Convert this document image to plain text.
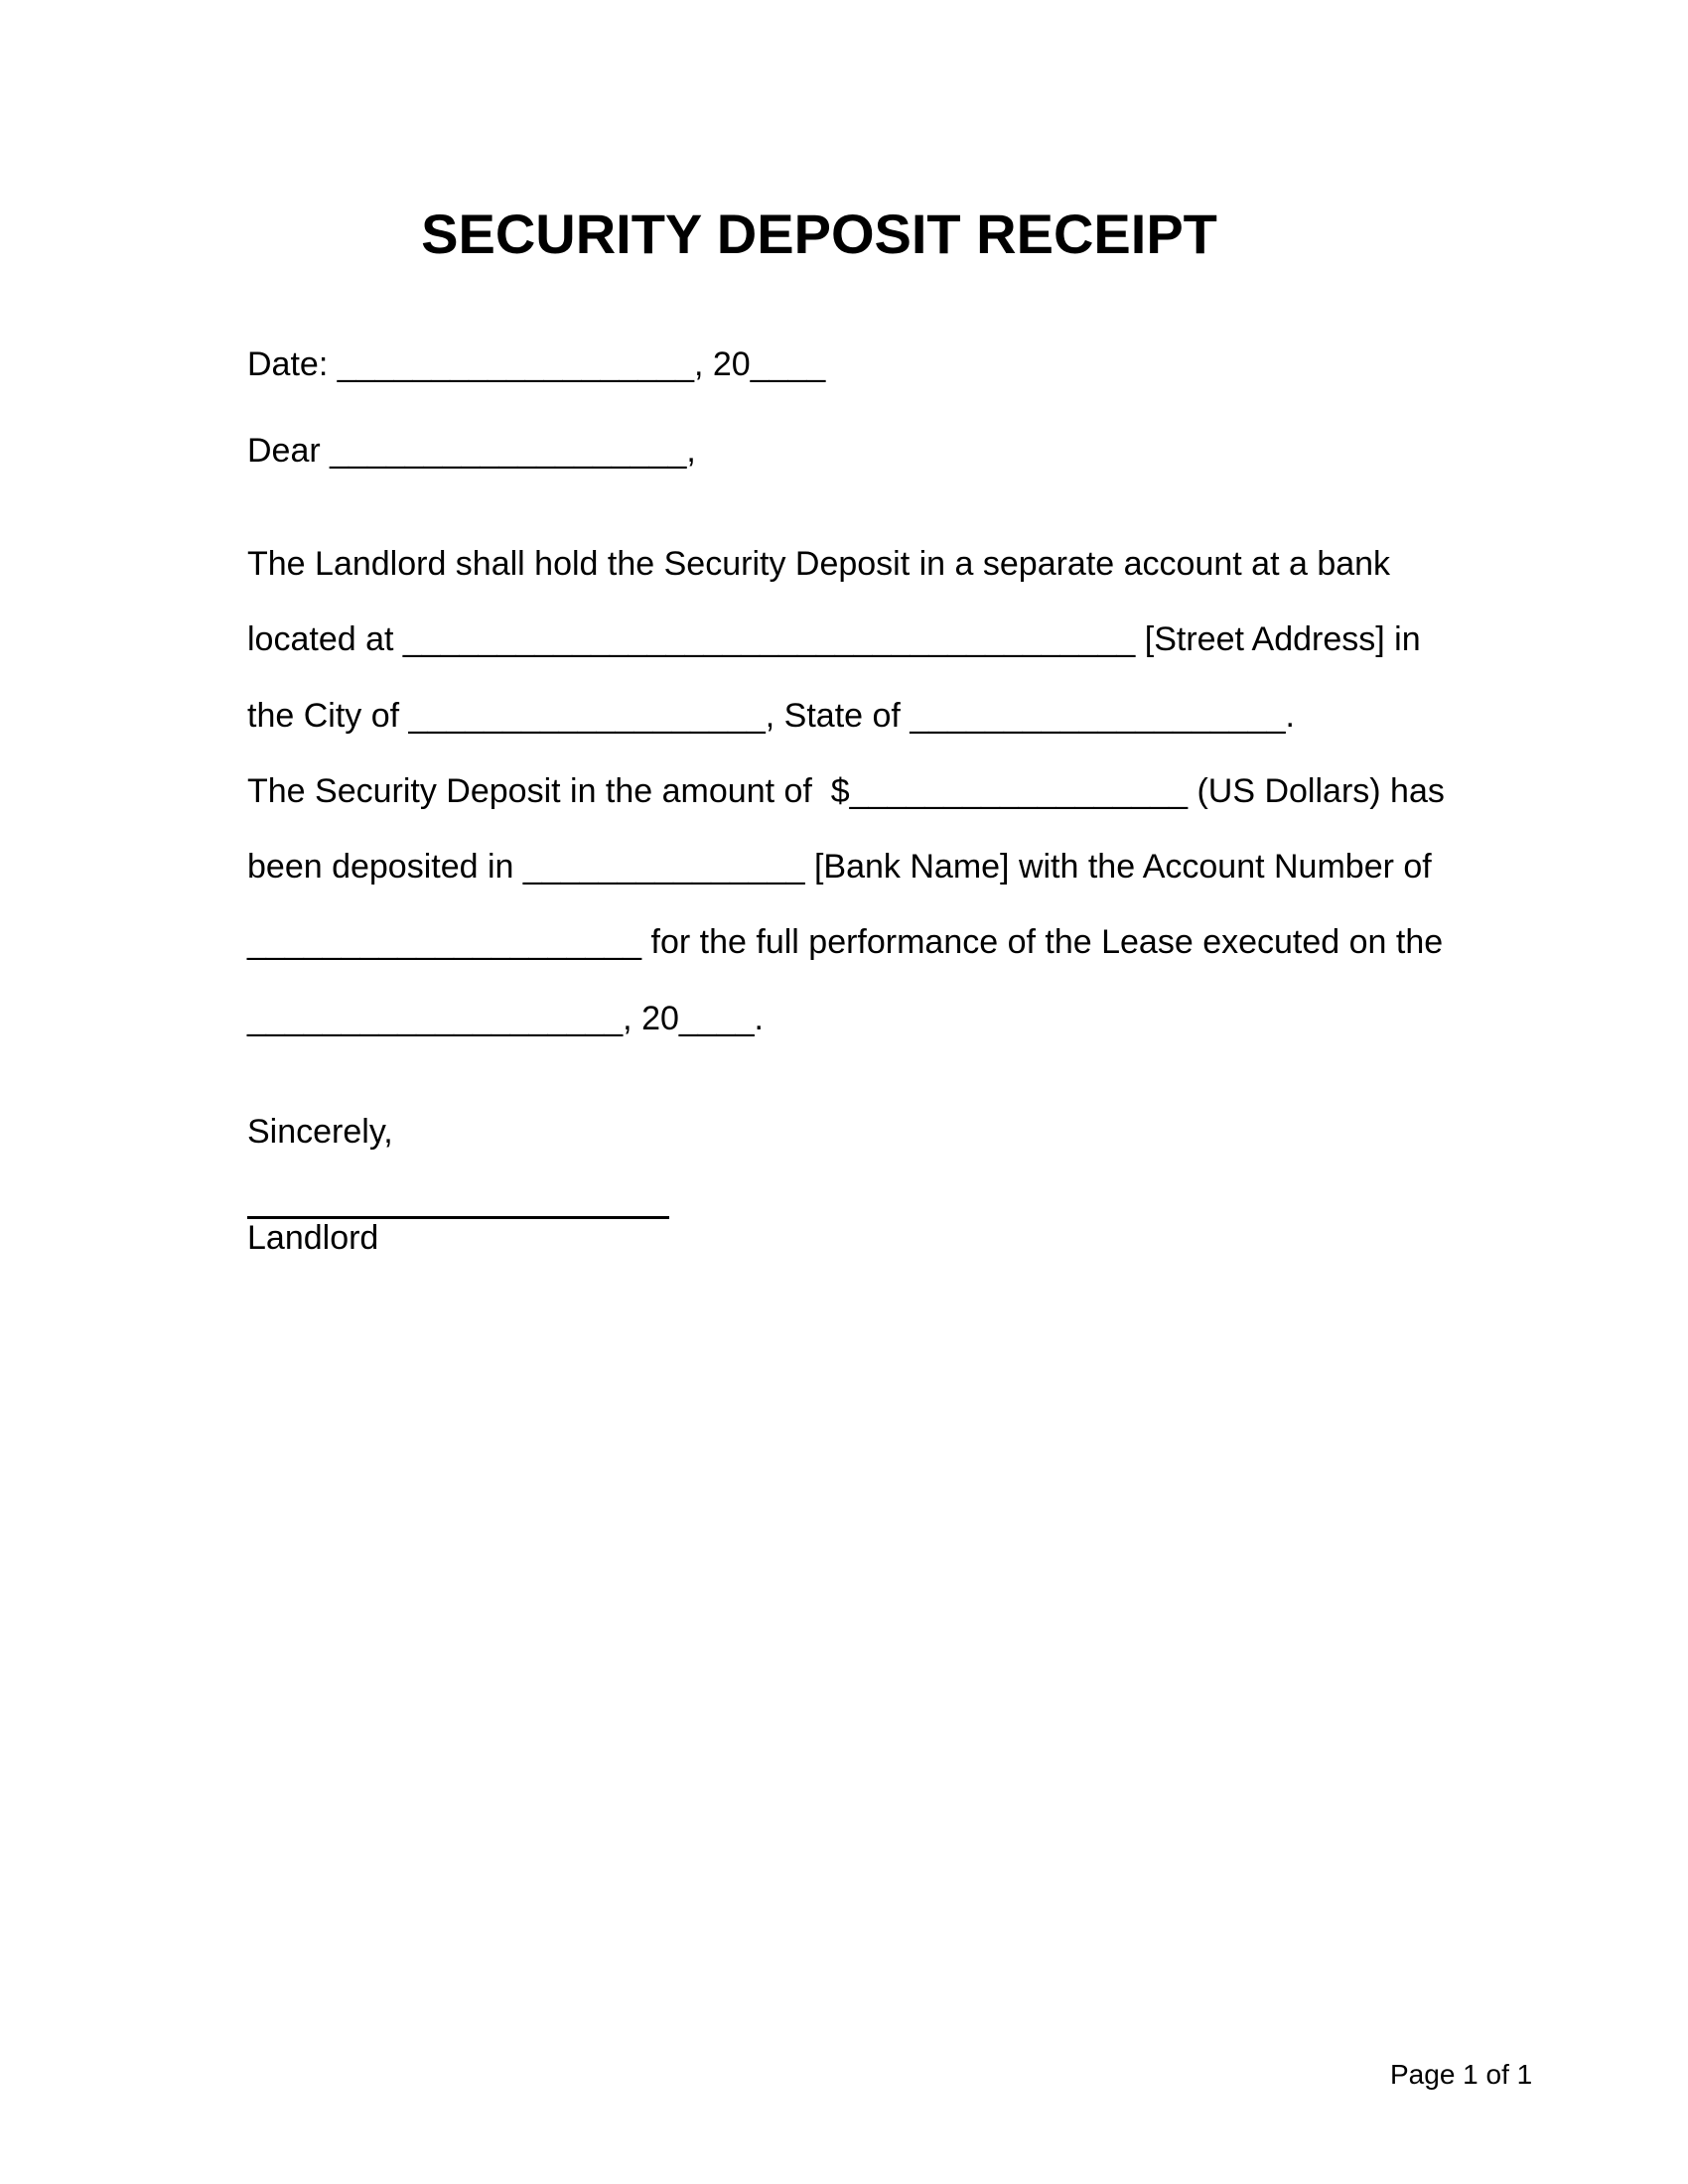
SECURITY DEPOSIT RECEIPT
Date: ___________________, 20____
Dear ___________________,
The Landlord shall hold the Security Deposit in a separate account at a bank
located at _______________________________________ [Street Address] in
the City of ___________________, State of ____________________.
The Security Deposit in the amount of  $__________________ (US Dollars) has
been deposited in _______________ [Bank Name] with the Account Number of
_____________________ for the full performance of the Lease executed on the
____________________, 20____.
Sincerely,
Landlord
Page 1 of 1
